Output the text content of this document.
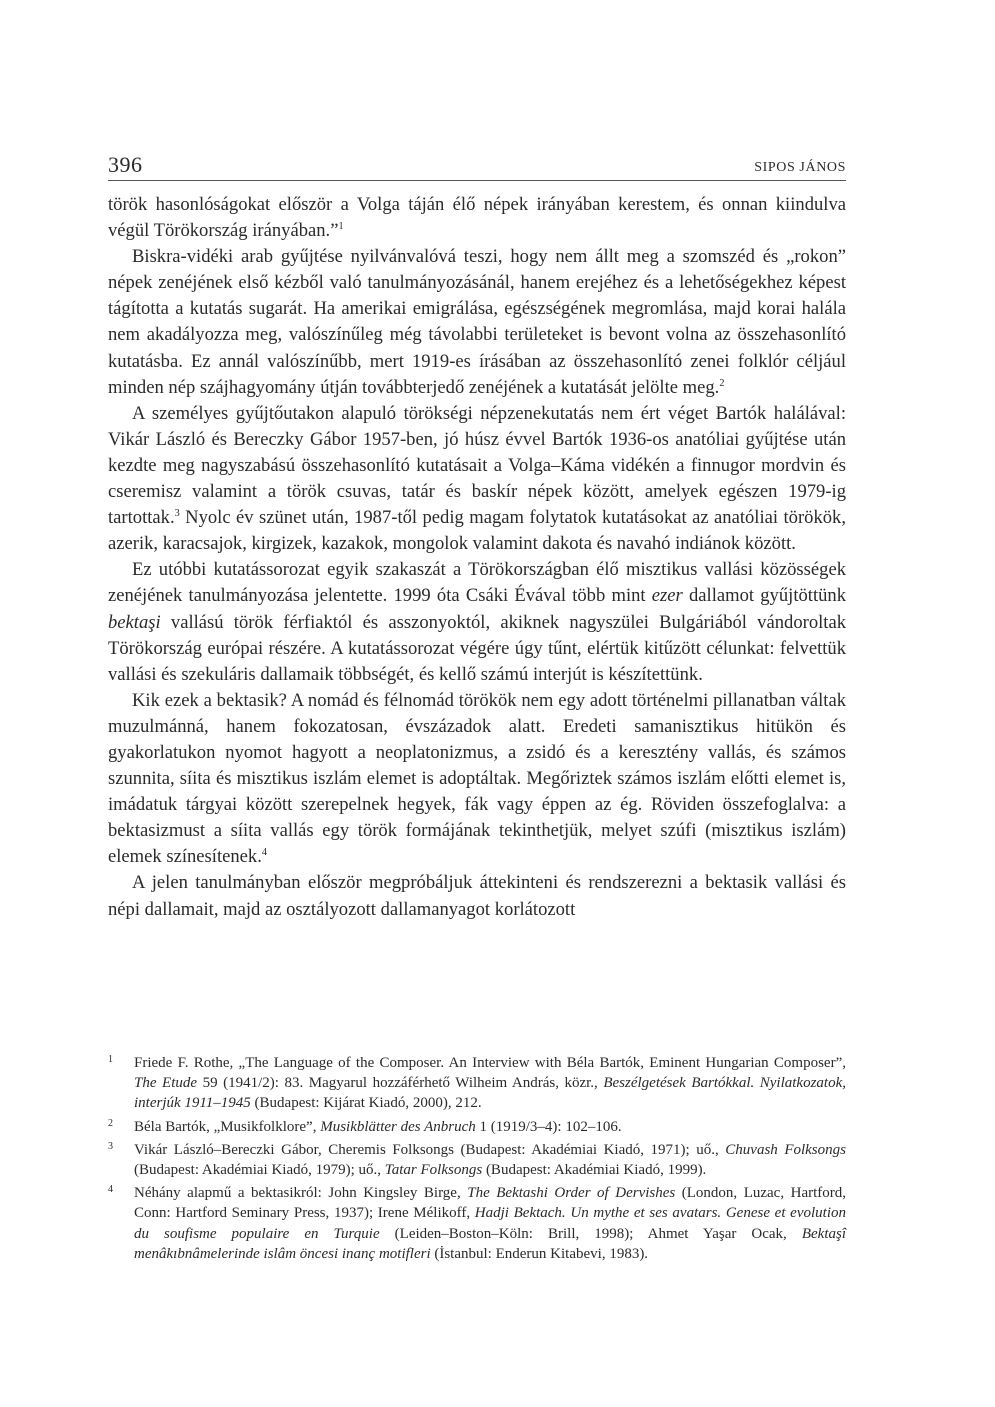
396	SIPOS JÁNOS

török hasonlóságokat először a Volga táján élő népek irányában kerestem, és onnan kiindulva végül Törökország irányában.”$^1$

Biskra-vidéki arab gyűjtése nyilvánvalóvá teszi, hogy nem állt meg a szomszéd és „rokon” népek zenéjének első kézből való tanulmányozásánál, hanem erejéhez és a lehetőségekhez képest tágította a kutatás sugarát. Ha amerikai emigrálása, egészségének megromlása, majd korai halála nem akadályozza meg, valószínűleg még távolabbi területeket is bevont volna az összehasonlító kutatásba. Ez annál valószínűbb, mert 1919-es írásában az összehasonlító zenei folklór céljául minden nép szájhagyomány útján továbbterjedő zenéjének a kutatását jelölte meg.$^2$

A személyes gyűjtőutakon alapuló törökségi népzenekutatás nem ért véget Bartók halálával: Vikár László és Bereczky Gábor 1957-ben, jó húsz évvel Bartók 1936-os anatóliai gyűjtése után kezdte meg nagyszabású összehasonlító kutatásait a Volga–Káma vidékén a finnugor mordvin és cseremisz valamint a török csuvas, tatár és baskír népek között, amelyek egészen 1979-ig tartottak.$^3$ Nyolc év szünet után, 1987-től pedig magam folytatok kutatásokat az anatóliai törökök, azerik, karacsajok, kirgizek, kazakok, mongolok valamint dakota és navahó indiánok között.

Ez utóbbi kutatássorozat egyik szakaszát a Törökországban élő misztikus vallási közösségek zenéjének tanulmányozása jelentette. 1999 óta Csáki Évával több mint ezer dallamot gyűjtöttünk bektaşi vallású török férfiaktól és asszonyoktól, akiknek nagyszülei Bulgáriából vándoroltak Törökország európai részére. A kutatássorozat végére úgy tűnt, elértük kitűzött célunkat: felvettük vallási és szekuláris dallamaik többségét, és kellő számú interjút is készítettünk.

Kik ezek a bektasik? A nomád és félnomád törökök nem egy adott történelmi pillanatban váltak muzulmánná, hanem fokozatosan, évszázadok alatt. Eredeti samanisztikus hitükön és gyakorlatukon nyomot hagyott a neoplatonizmus, a zsidó és a keresztény vallás, és számos szunnita, síita és misztikus iszlám elemet is adoptáltak. Megőriztek számos iszlám előtti elemet is, imádatuk tárgyai között szerepelnek hegyek, fák vagy éppen az ég. Röviden összefoglalva: a bektasizmust a síita vallás egy török formájának tekinthetjük, melyet szúfi (misztikus iszlám) elemek színesítenek.$^4$

A jelen tanulmányban először megpróbáljuk áttekinteni és rendszerezni a bektasik vallási és népi dallamait, majd az osztályozott dallamanyagot korlátozott

1 Friede F. Rothe, „The Language of the Composer. An Interview with Béla Bartók, Eminent Hungarian Composer”, The Etude 59 (1941/2): 83. Magyarul hozzáférhető Wilheim András, közr., Beszélgetések Bartókkal. Nyilatkozatok, interjúk 1911–1945 (Budapest: Kijárat Kiadó, 2000), 212.
2 Béla Bartók, „Musikfolklore”, Musikblätter des Anbruch 1 (1919/3–4): 102–106.
3 Vikár László–Bereczki Gábor, Cheremis Folksongs (Budapest: Akadémiai Kiadó, 1971); uő., Chuvash Folksongs (Budapest: Akadémiai Kiadó, 1979); uő., Tatar Folksongs (Budapest: Akadémiai Kiadó, 1999).
4 Néhány alapmű a bektasikról: John Kingsley Birge, The Bektashi Order of Dervishes (London, Luzac, Hartford, Conn: Hartford Seminary Press, 1937); Irene Mélikoff, Hadji Bektach. Un mythe et ses avatars. Genese et evolution du soufisme populaire en Turquie (Leiden–Boston–Köln: Brill, 1998); Ahmet Yaşar Ocak, Bektaşî menâkıbnâmelerinde islâm öncesi inanç motifleri (İstanbul: Enderun Kitabevi, 1983).
